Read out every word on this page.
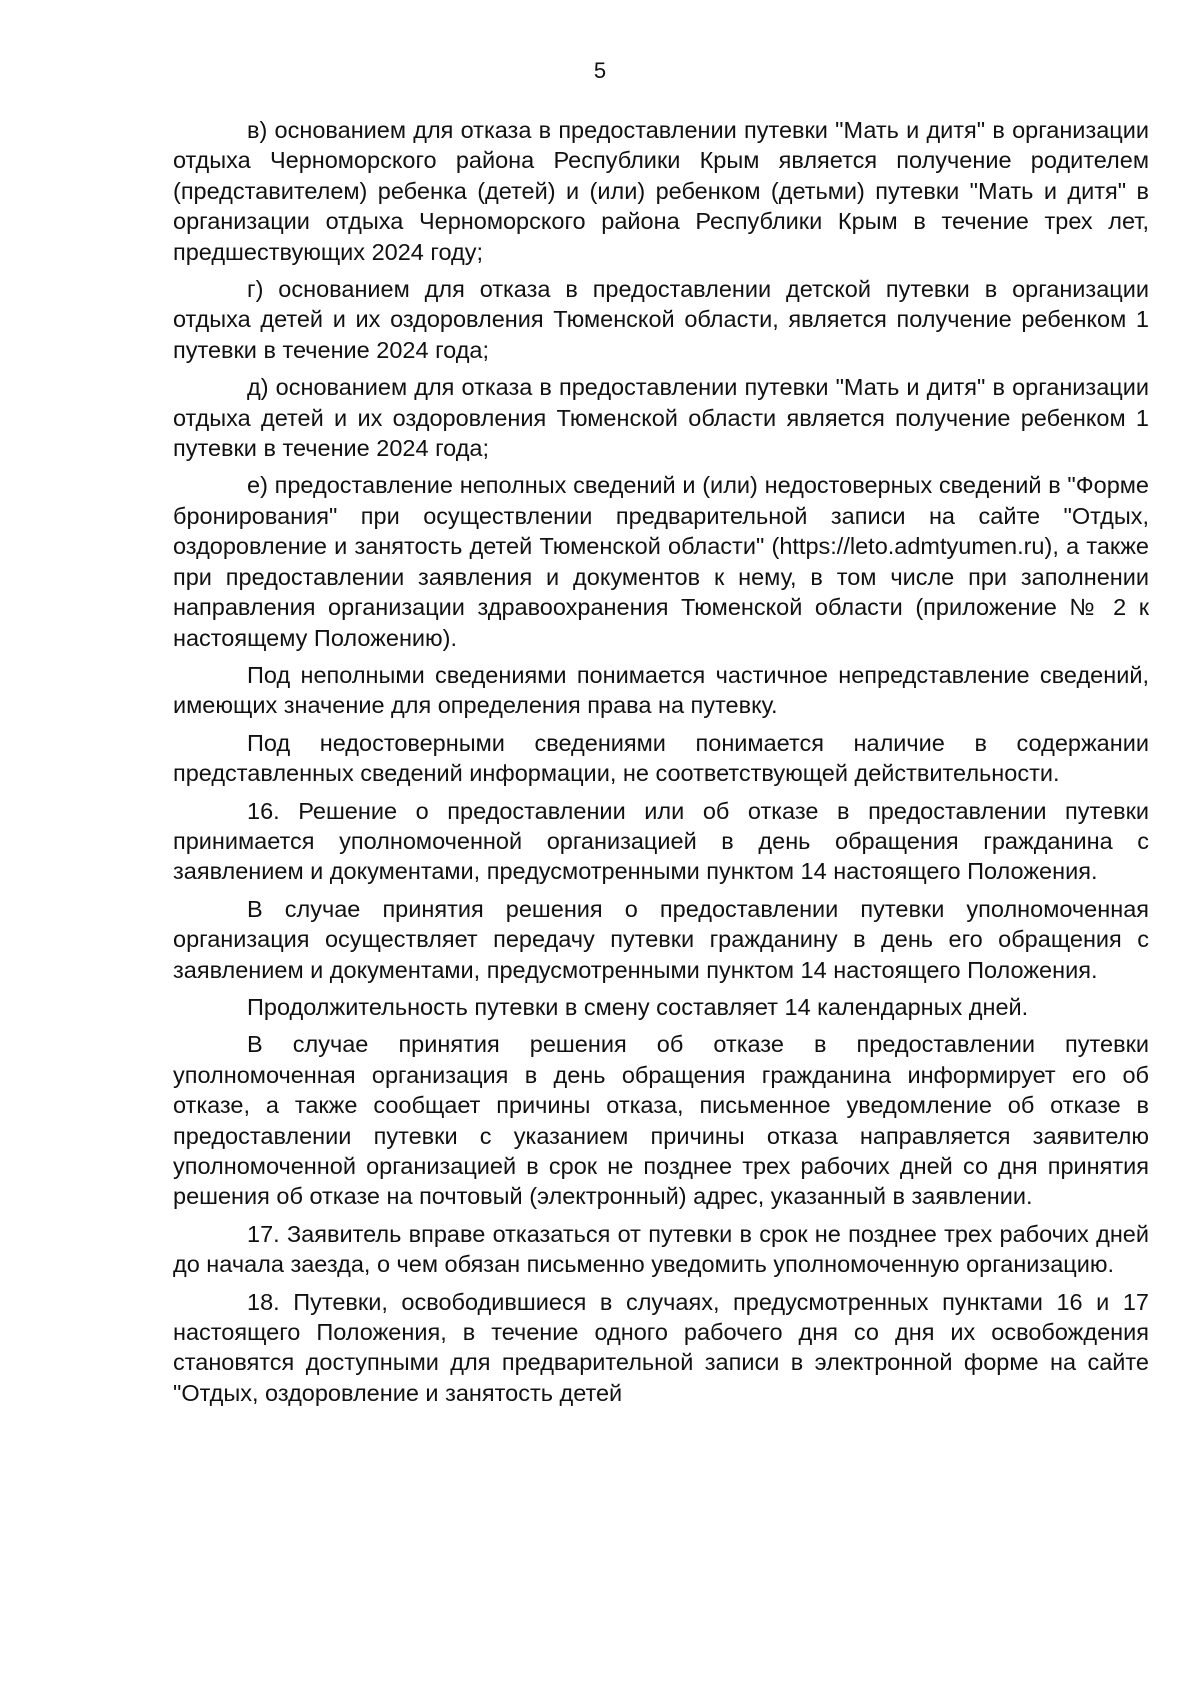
5

в) основанием для отказа в предоставлении путевки "Мать и дитя" в организации отдыха Черноморского района Республики Крым является получение родителем (представителем) ребенка (детей) и (или) ребенком (детьми) путевки "Мать и дитя" в организации отдыха Черноморского района Республики Крым в течение трех лет, предшествующих 2024 году;

г) основанием для отказа в предоставлении детской путевки в организации отдыха детей и их оздоровления Тюменской области, является получение ребенком 1 путевки в течение 2024 года;

д) основанием для отказа в предоставлении путевки "Мать и дитя" в организации отдыха детей и их оздоровления Тюменской области является получение ребенком 1 путевки в течение 2024 года;

е) предоставление неполных сведений и (или) недостоверных сведений в "Форме бронирования" при осуществлении предварительной записи на сайте "Отдых, оздоровление и занятость детей Тюменской области" (https://leto.admtyumen.ru), а также при предоставлении заявления и документов к нему, в том числе при заполнении направления организации здравоохранения Тюменской области (приложение № 2 к настоящему Положению).

Под неполными сведениями понимается частичное непредставление сведений, имеющих значение для определения права на путевку.

Под недостоверными сведениями понимается наличие в содержании представленных сведений информации, не соответствующей действительности.

16. Решение о предоставлении или об отказе в предоставлении путевки принимается уполномоченной организацией в день обращения гражданина с заявлением и документами, предусмотренными пунктом 14 настоящего Положения.

В случае принятия решения о предоставлении путевки уполномоченная организация осуществляет передачу путевки гражданину в день его обращения с заявлением и документами, предусмотренными пунктом 14 настоящего Положения.

Продолжительность путевки в смену составляет 14 календарных дней.

В случае принятия решения об отказе в предоставлении путевки уполномоченная организация в день обращения гражданина информирует его об отказе, а также сообщает причины отказа, письменное уведомление об отказе в предоставлении путевки с указанием причины отказа направляется заявителю уполномоченной организацией в срок не позднее трех рабочих дней со дня принятия решения об отказе на почтовый (электронный) адрес, указанный в заявлении.

17. Заявитель вправе отказаться от путевки в срок не позднее трех рабочих дней до начала заезда, о чем обязан письменно уведомить уполномоченную организацию.

18. Путевки, освободившиеся в случаях, предусмотренных пунктами 16 и 17 настоящего Положения, в течение одного рабочего дня со дня их освобождения становятся доступными для предварительной записи в электронной форме на сайте "Отдых, оздоровление и занятость детей
